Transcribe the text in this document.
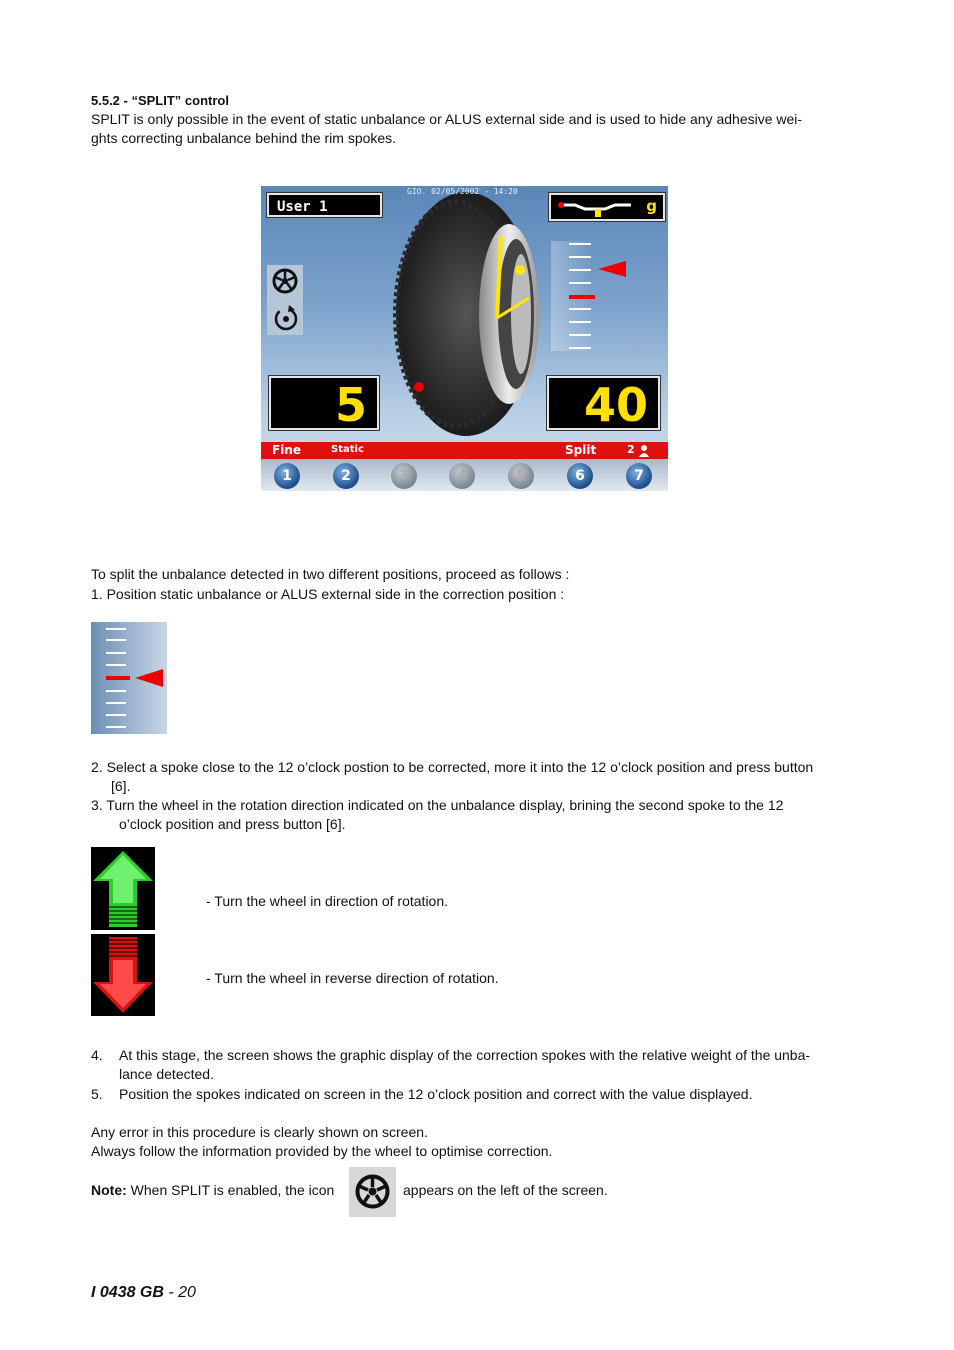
5.5.2 - “SPLIT” control
SPLIT is only possible in the event of static unbalance or ALUS external side and is used to hide any adhesive wei-
ghts correcting unbalance behind the rim spokes.
User 1
GIO. 02/05/2002 - 14:20
g
5	40
Fine	Static	Split	2
1	2	3	4	5	6	7
To split the unbalance detected in two different positions, proceed as follows :
1. Position static unbalance or ALUS external side in the correction position :
2. Select a spoke close to the 12 o’clock postion to be corrected, more it into the 12 o’clock position and press button
[6].
3. Turn the wheel in the rotation direction indicated on the unbalance display, brining the second spoke to the 12
o’clock position and press button [6].
- Turn the wheel in direction of rotation.
- Turn the wheel in reverse direction of rotation.
4. At this stage, the screen shows the graphic display of the correction spokes with the relative weight of the unba-
lance detected.
5. Position the spokes indicated on screen in the 12 o’clock position and correct with the value displayed.
Any error in this procedure is clearly shown on screen.
Always follow the information provided by the wheel to optimise correction.
Note: When SPLIT is enabled, the icon	appears on the left of the screen.
I 0438 GB - 20
